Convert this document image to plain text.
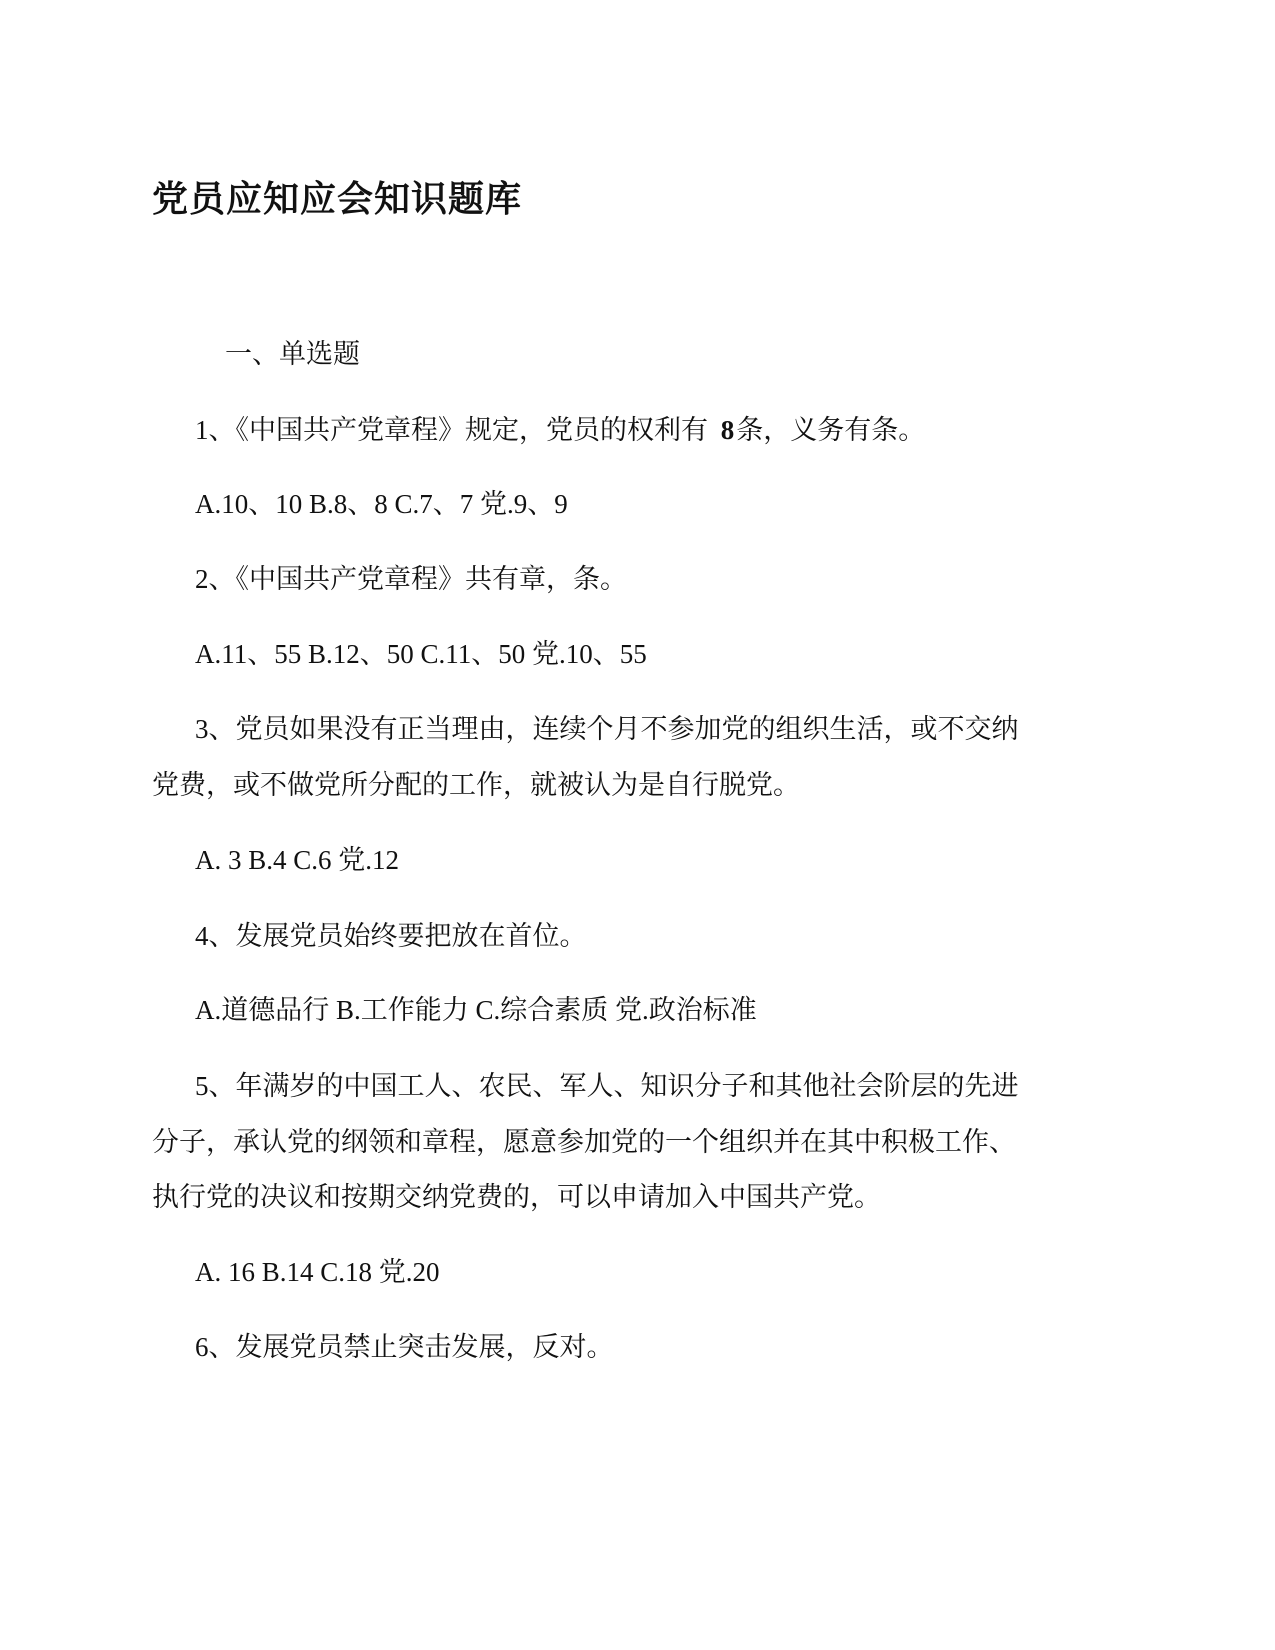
党员应知应会知识题库
一、单选题
1、《中国共产党章程》规定，党员的权利有 8条，义务有条。
A.10、10 B.8、8 C.7、7 党.9、9
2、《中国共产党章程》共有章，条。
A.11、55 B.12、50 C.11、50 党.10、55
3、党员如果没有正当理由，连续个月不参加党的组织生活，或不交纳
党费，或不做党所分配的工作，就被认为是自行脱党。
A. 3 B.4 C.6 党.12
4、发展党员始终要把放在首位。
A.道德品行 B.工作能力 C.综合素质 党.政治标准
5、年满岁的中国工人、农民、军人、知识分子和其他社会阶层的先进
分子，承认党的纲领和章程，愿意参加党的一个组织并在其中积极工作、
执行党的决议和按期交纳党费的，可以申请加入中国共产党。
A. 16 B.14 C.18 党.20
6、发展党员禁止突击发展，反对。
